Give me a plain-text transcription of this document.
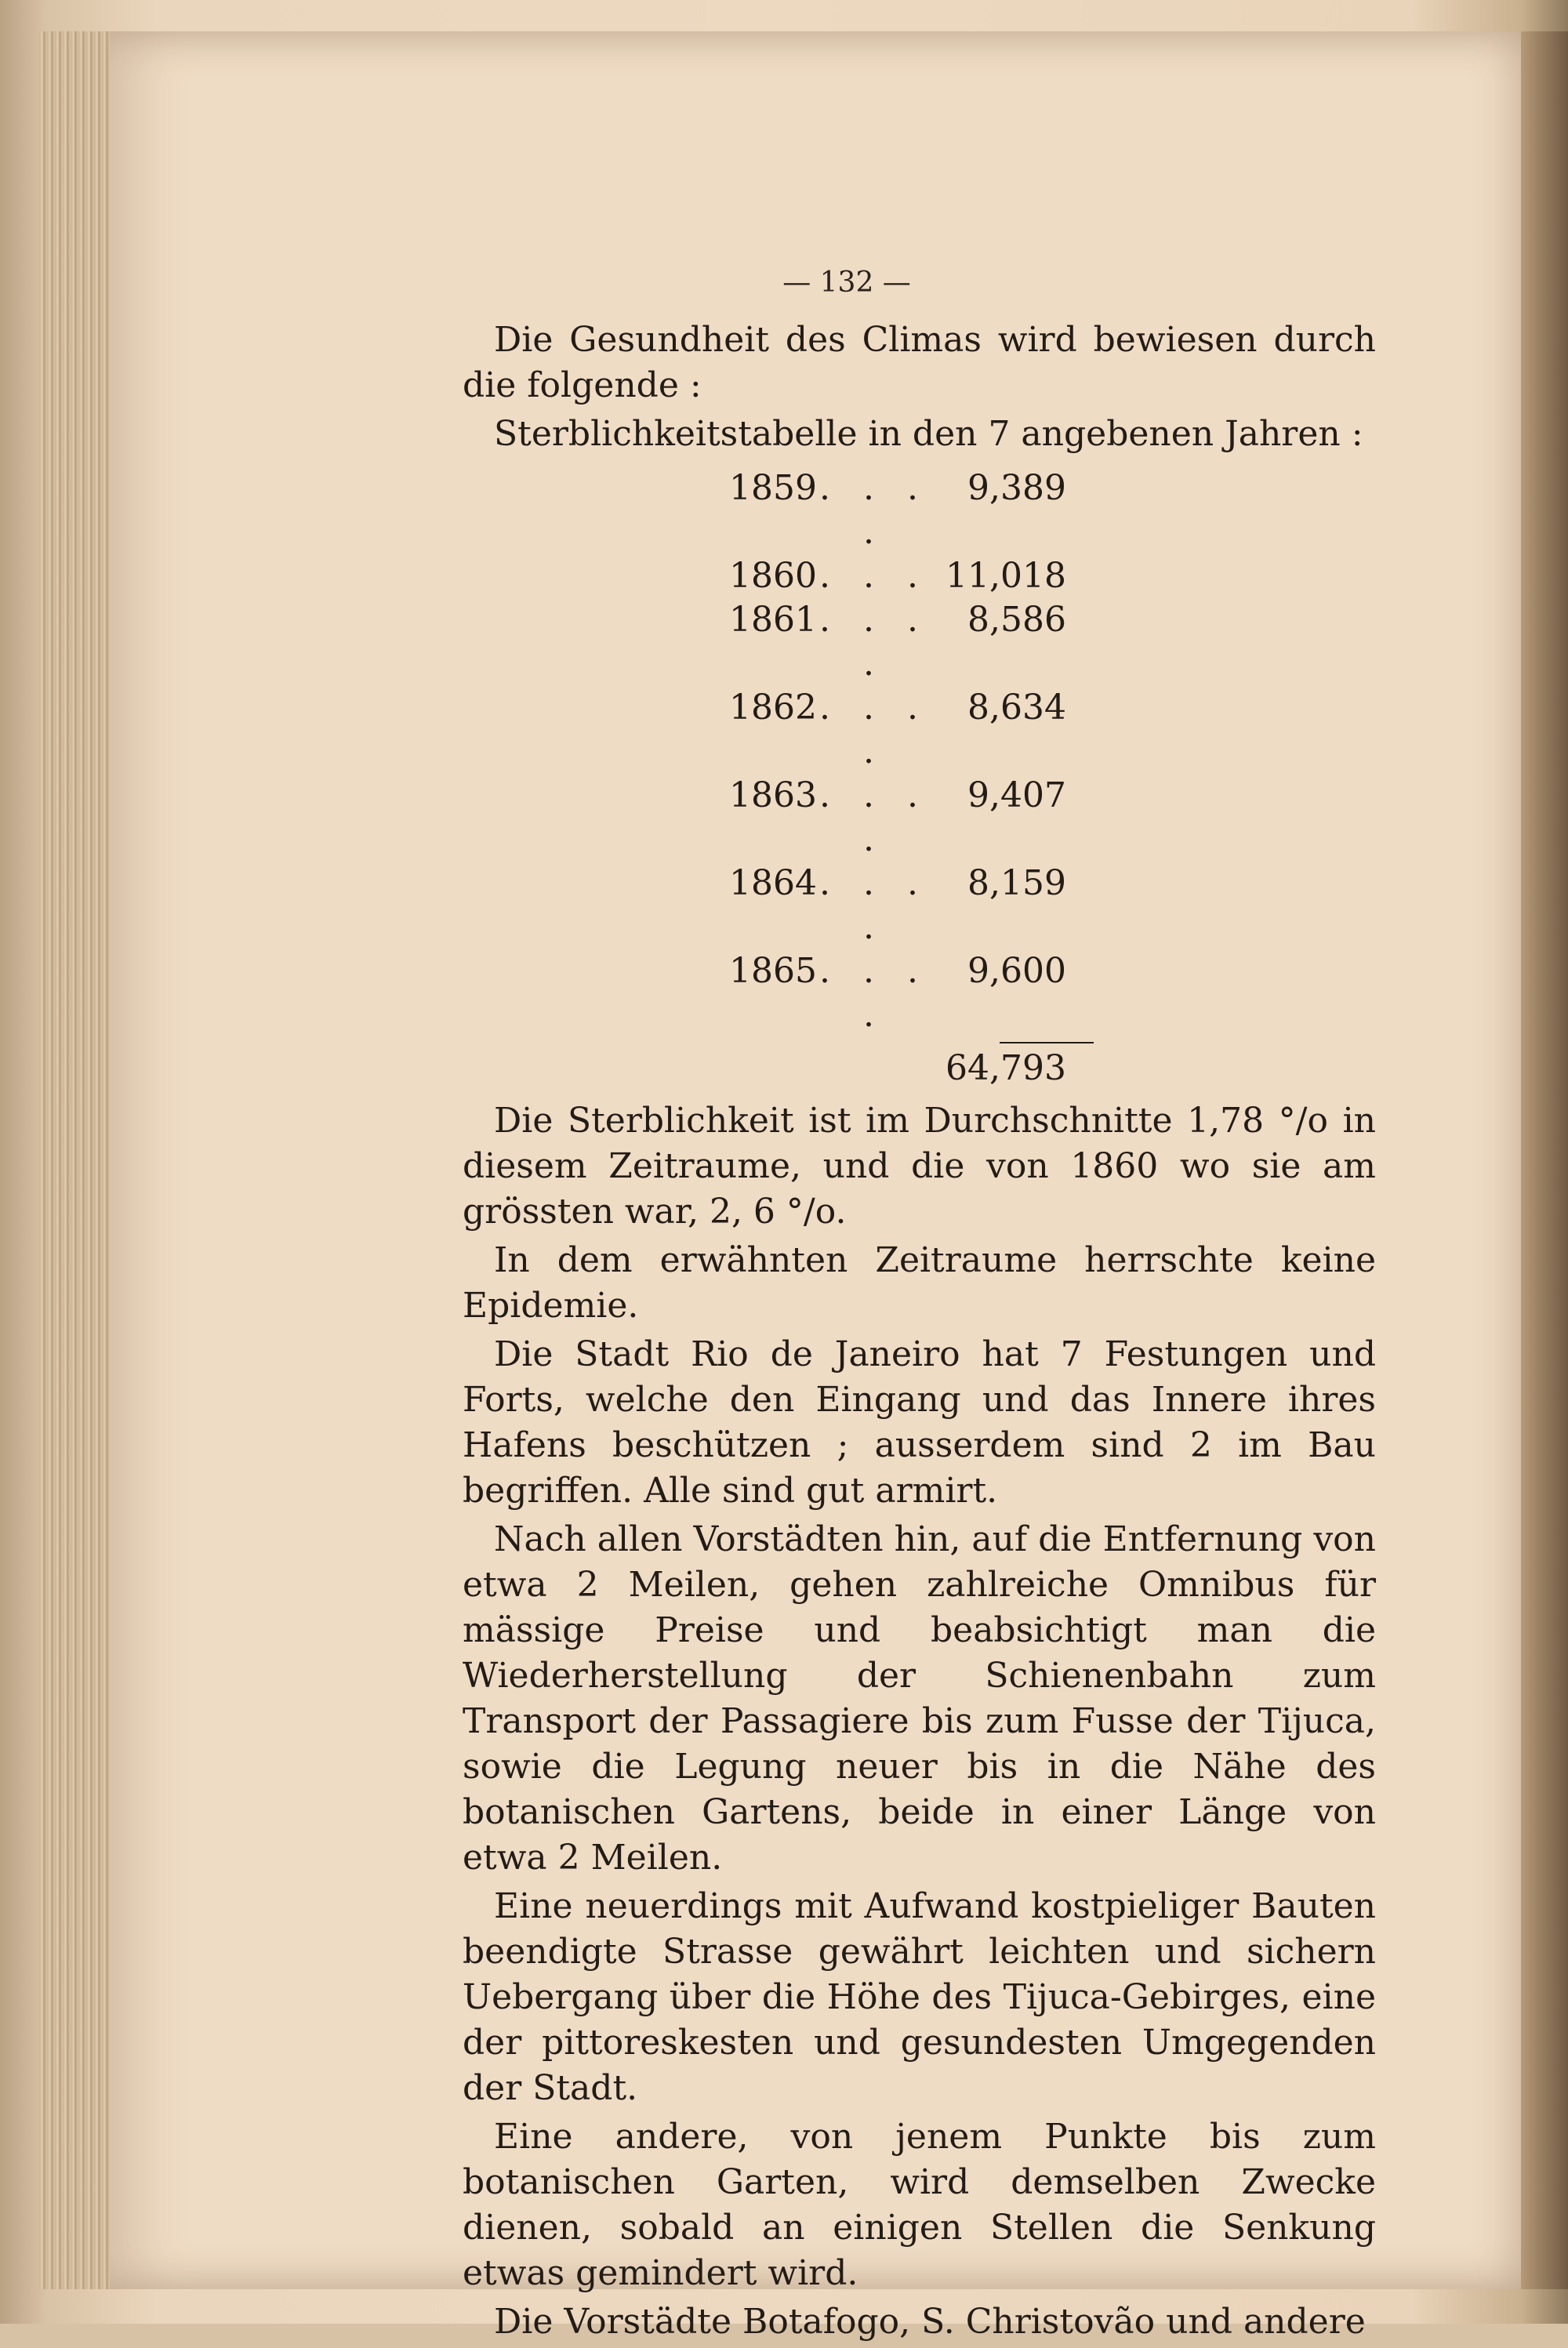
— 132 —

Die Gesundheit des Climas wird bewiesen durch die folgende :

Sterblichkeitstabelle in den 7 angebenen Jahren :

1859 . . . .
9,389
1860 . . . 11,018
1861 . . . .
8,586
1862 . . . .
8,634
1863 . . . .
9,407
1864 . . . .
8,159
1865 . . . .
9,600
64,793

Die Sterblichkeit ist im Durchschnitte 1,78 °/o in diesem Zeitraume, und die von 1860 wo sie am grössten war, 2, 6 °/o.

In dem erwähnten Zeitraume herrschte keine Epidemie.

Die Stadt Rio de Janeiro hat 7 Festungen und Forts, welche den Eingang und das Innere ihres Hafens beschützen ; ausserdem sind 2 im Bau begriffen. Alle sind gut armirt.

Nach allen Vorstädten hin, auf die Entfernung von etwa 2 Meilen, gehen zahlreiche Omnibus für mässige Preise und beabsichtigt man die Wiederherstellung der Schienenbahn zum Transport der Passagiere bis zum Fusse der Tijuca, sowie die Legung neuer bis in die Nähe des botanischen Gartens, beide in einer Länge von etwa 2 Meilen.

Eine neuerdings mit Aufwand kostpieliger Bauten beendigte Strasse gewährt leichten und sichern Uebergang über die Höhe des Tijuca-Gebirges, eine der pittoreskesten und gesundesten Umgegenden der Stadt.

Eine andere, von jenem Punkte bis zum botanischen Garten, wird demselben Zwecke dienen, sobald an einigen Stellen die Senkung etwas gemindert wird.

Die Vorstädte Botafogo, S. Christovão und andere
